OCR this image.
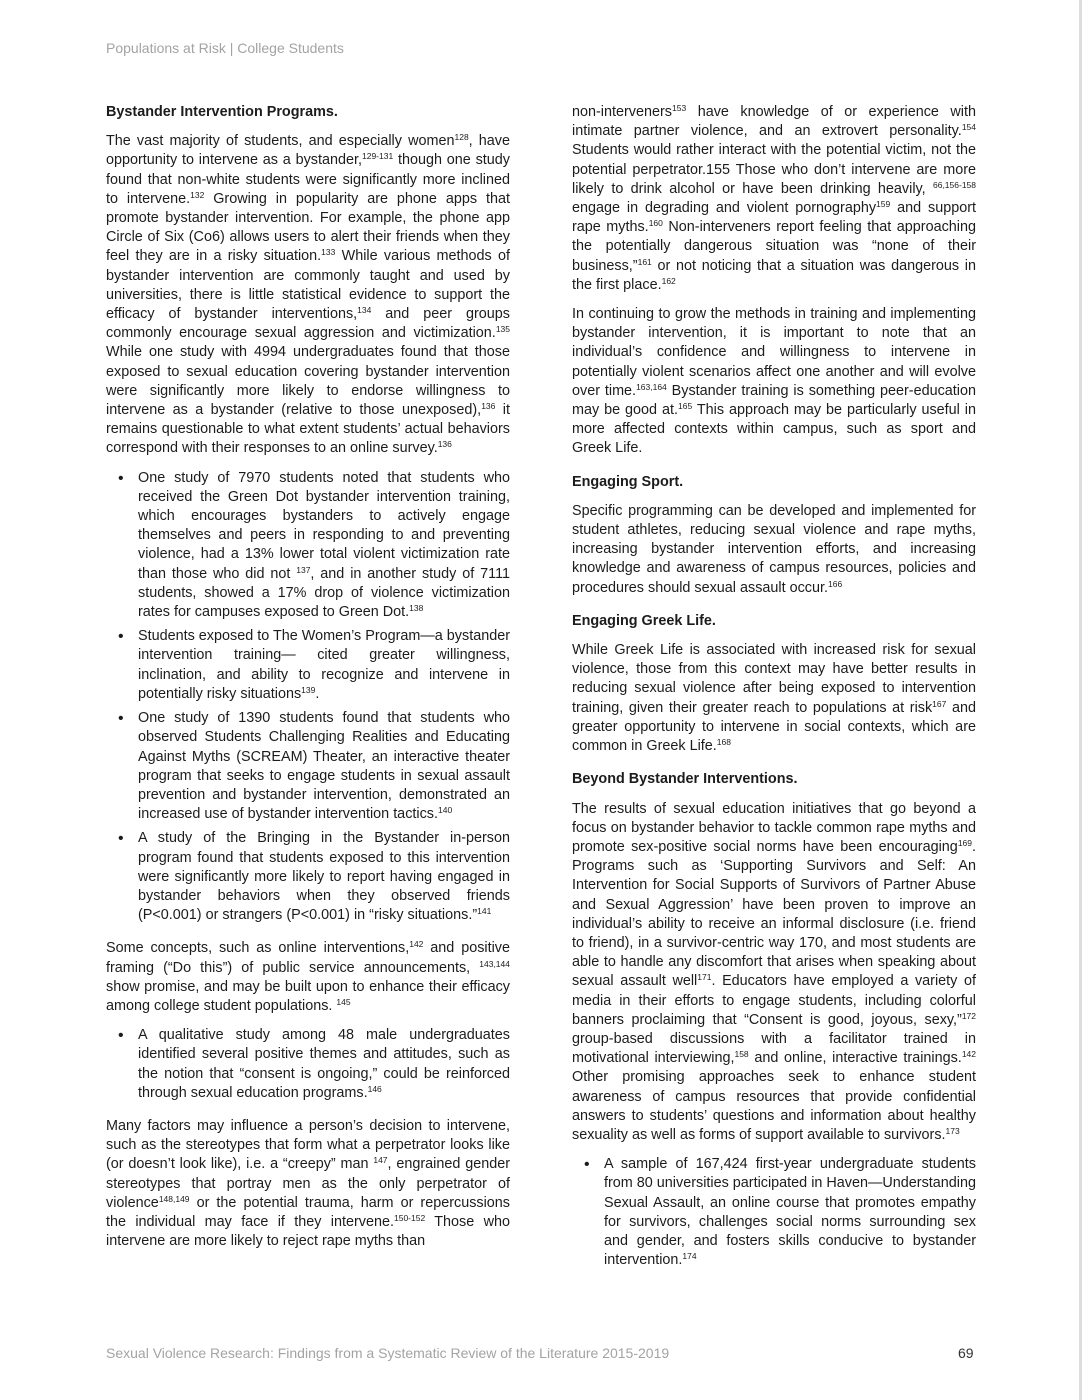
Populations at Risk | College Students
Bystander Intervention Programs.

The vast majority of students, and especially women$^{128}$, have opportunity to intervene as a bystander,$^{129-131}$ though one study found that non-white students were significantly more inclined to intervene.$^{132}$ Growing in popularity are phone apps that promote bystander intervention. For example, the phone app Circle of Six (Co6) allows users to alert their friends when they feel they are in a risky situation.$^{133}$ While various methods of bystander intervention are commonly taught and used by universities, there is little statistical evidence to support the efficacy of bystander interventions,$^{134}$ and peer groups commonly encourage sexual aggression and victimization.$^{135}$ While one study with 4994 undergraduates found that those exposed to sexual education covering bystander intervention were significantly more likely to endorse willingness to intervene as a bystander (relative to those unexposed),$^{136}$ it remains questionable to what extent students’ actual behaviors correspond with their responses to an online survey.$^{136}$

• One study of 7970 students noted that students who received the Green Dot bystander intervention training, which encourages bystanders to actively engage themselves and peers in responding to and preventing violence, had a 13% lower total violent victimization rate than those who did not $^{137}$, and in another study of 7111 students, showed a 17% drop of violence victimization rates for campuses exposed to Green Dot.$^{138}$
• Students exposed to The Women’s Program—a bystander intervention training— cited greater willingness, inclination, and ability to recognize and intervene in potentially risky situations$^{139}$.
• One study of 1390 students found that students who observed Students Challenging Realities and Educating Against Myths (SCREAM) Theater, an interactive theater program that seeks to engage students in sexual assault prevention and bystander intervention, demonstrated an increased use of bystander intervention tactics.$^{140}$
• A study of the Bringing in the Bystander in-person program found that students exposed to this intervention were significantly more likely to report having engaged in bystander behaviors when they observed friends (P<0.001) or strangers (P<0.001) in “risky situations.”$^{141}$

Some concepts, such as online interventions,$^{142}$ and positive framing (“Do this”) of public service announcements, $^{143,144}$ show promise, and may be built upon to enhance their efficacy among college student populations. $^{145}$

• A qualitative study among 48 male undergraduates identified several positive themes and attitudes, such as the notion that “consent is ongoing,” could be reinforced through sexual education programs.$^{146}$

Many factors may influence a person’s decision to intervene, such as the stereotypes that form what a perpetrator looks like (or doesn’t look like), i.e. a “creepy” man $^{147}$, engrained gender stereotypes that portray men as the only perpetrator of violence$^{148,149}$ or the potential trauma, harm or repercussions the individual may face if they intervene.$^{150-152}$ Those who intervene are more likely to reject rape myths than

non-interveners$^{153}$ have knowledge of or experience with intimate partner violence, and an extrovert personality.$^{154}$ Students would rather interact with the potential victim, not the potential perpetrator.155 Those who don’t intervene are more likely to drink alcohol or have been drinking heavily, $^{66,156-158}$ engage in degrading and violent pornography$^{159}$ and support rape myths.$^{160}$ Non-interveners report feeling that approaching the potentially dangerous situation was “none of their business,”$^{161}$ or not noticing that a situation was dangerous in the first place.$^{162}$

In continuing to grow the methods in training and implementing bystander intervention, it is important to note that an individual’s confidence and willingness to intervene in potentially violent scenarios affect one another and will evolve over time.$^{163,164}$ Bystander training is something peer-education may be good at.$^{165}$ This approach may be particularly useful in more affected contexts within campus, such as sport and Greek Life.

Engaging Sport.

Specific programming can be developed and implemented for student athletes, reducing sexual violence and rape myths, increasing bystander intervention efforts, and increasing knowledge and awareness of campus resources, policies and procedures should sexual assault occur.$^{166}$

Engaging Greek Life.

While Greek Life is associated with increased risk for sexual violence, those from this context may have better results in reducing sexual violence after being exposed to intervention training, given their greater reach to populations at risk$^{167}$ and greater opportunity to intervene in social contexts, which are common in Greek Life.$^{168}$

Beyond Bystander Interventions.

The results of sexual education initiatives that go beyond a focus on bystander behavior to tackle common rape myths and promote sex-positive social norms have been encouraging$^{169}$. Programs such as ‘Supporting Survivors and Self: An Intervention for Social Supports of Survivors of Partner Abuse and Sexual Aggression’ have been proven to improve an individual’s ability to receive an informal disclosure (i.e. friend to friend), in a survivor-centric way 170, and most students are able to handle any discomfort that arises when speaking about sexual assault well$^{171}$. Educators have employed a variety of media in their efforts to engage students, including colorful banners proclaiming that “Consent is good, joyous, sexy,”$^{172}$ group-based discussions with a facilitator trained in motivational interviewing,$^{158}$ and online, interactive trainings.$^{142}$ Other promising approaches seek to enhance student awareness of campus resources that provide confidential answers to students’ questions and information about healthy sexuality as well as forms of support available to survivors.$^{173}$

• A sample of 167,424 first-year undergraduate students from 80 universities participated in Haven—Understanding Sexual Assault, an online course that promotes empathy for survivors, challenges social norms surrounding sex and gender, and fosters skills conducive to bystander intervention.$^{174}$
Sexual Violence Research: Findings from a Systematic Review of the Literature 2015-2019	69
